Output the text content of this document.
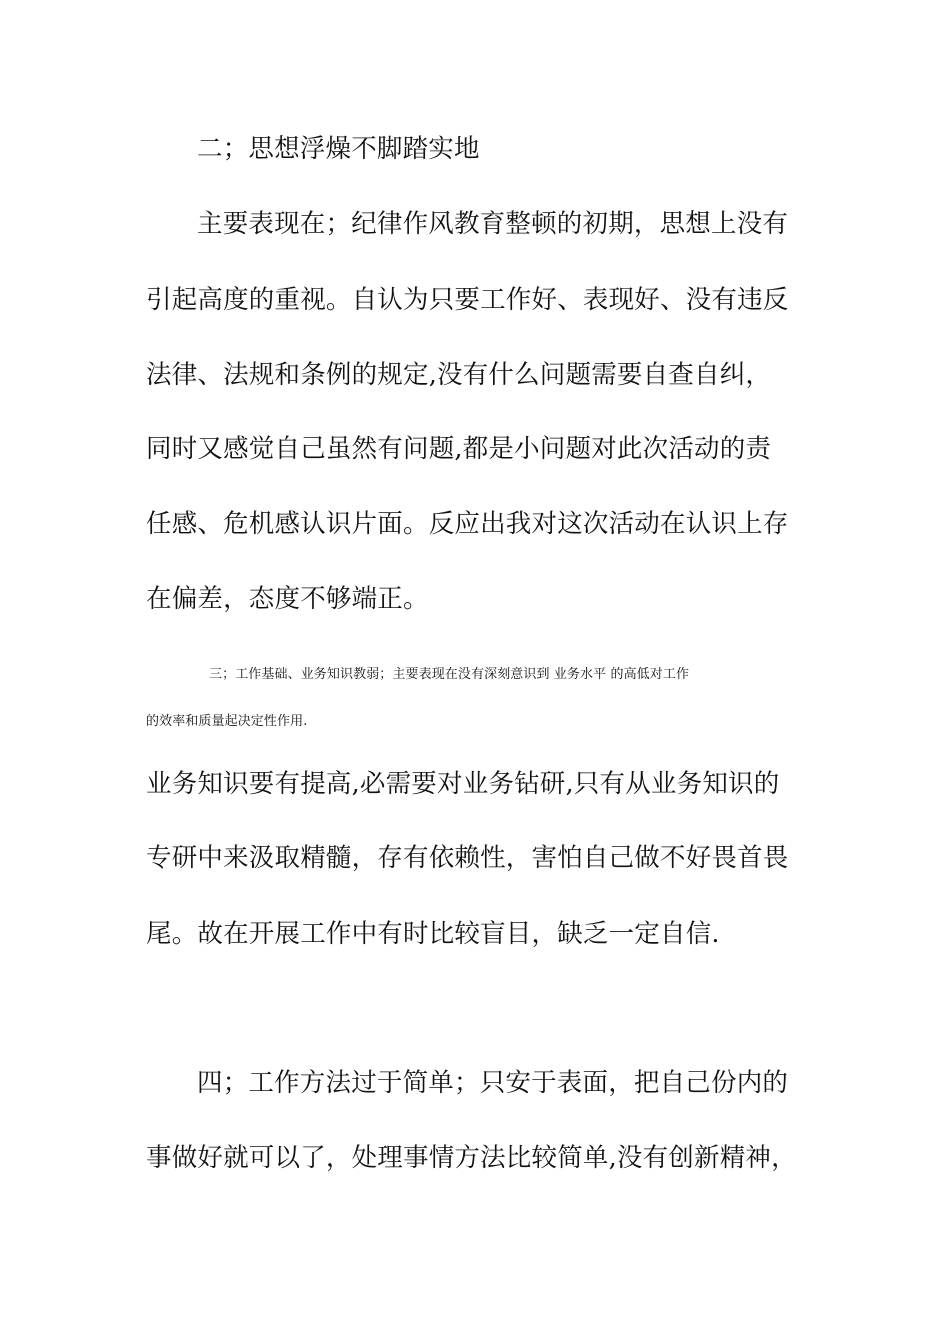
二；思想浮燥不脚踏实地
主要表现在；纪律作风教育整顿的初期，思想上没有
引起高度的重视。自认为只要工作好、表现好、没有违反
法律、法规和条例的规定,没有什么问题需要自查自纠，
同时又感觉自己虽然有问题,都是小问题对此次活动的责
任感、危机感认识片面。反应出我对这次活动在认识上存
在偏差，态度不够端正。
三；工作基础、业务知识教弱；主要表现在没有深刻意识到 业务水平 的高低对工作
的效率和质量起决定性作用.
业务知识要有提高,必需要对业务钻研,只有从业务知识的
专研中来汲取精髓，存有依赖性，害怕自己做不好畏首畏
尾。故在开展工作中有时比较盲目，缺乏一定自信.
四；工作方法过于简单；只安于表面，把自己份内的
事做好就可以了，处理事情方法比较简单,没有创新精神，
